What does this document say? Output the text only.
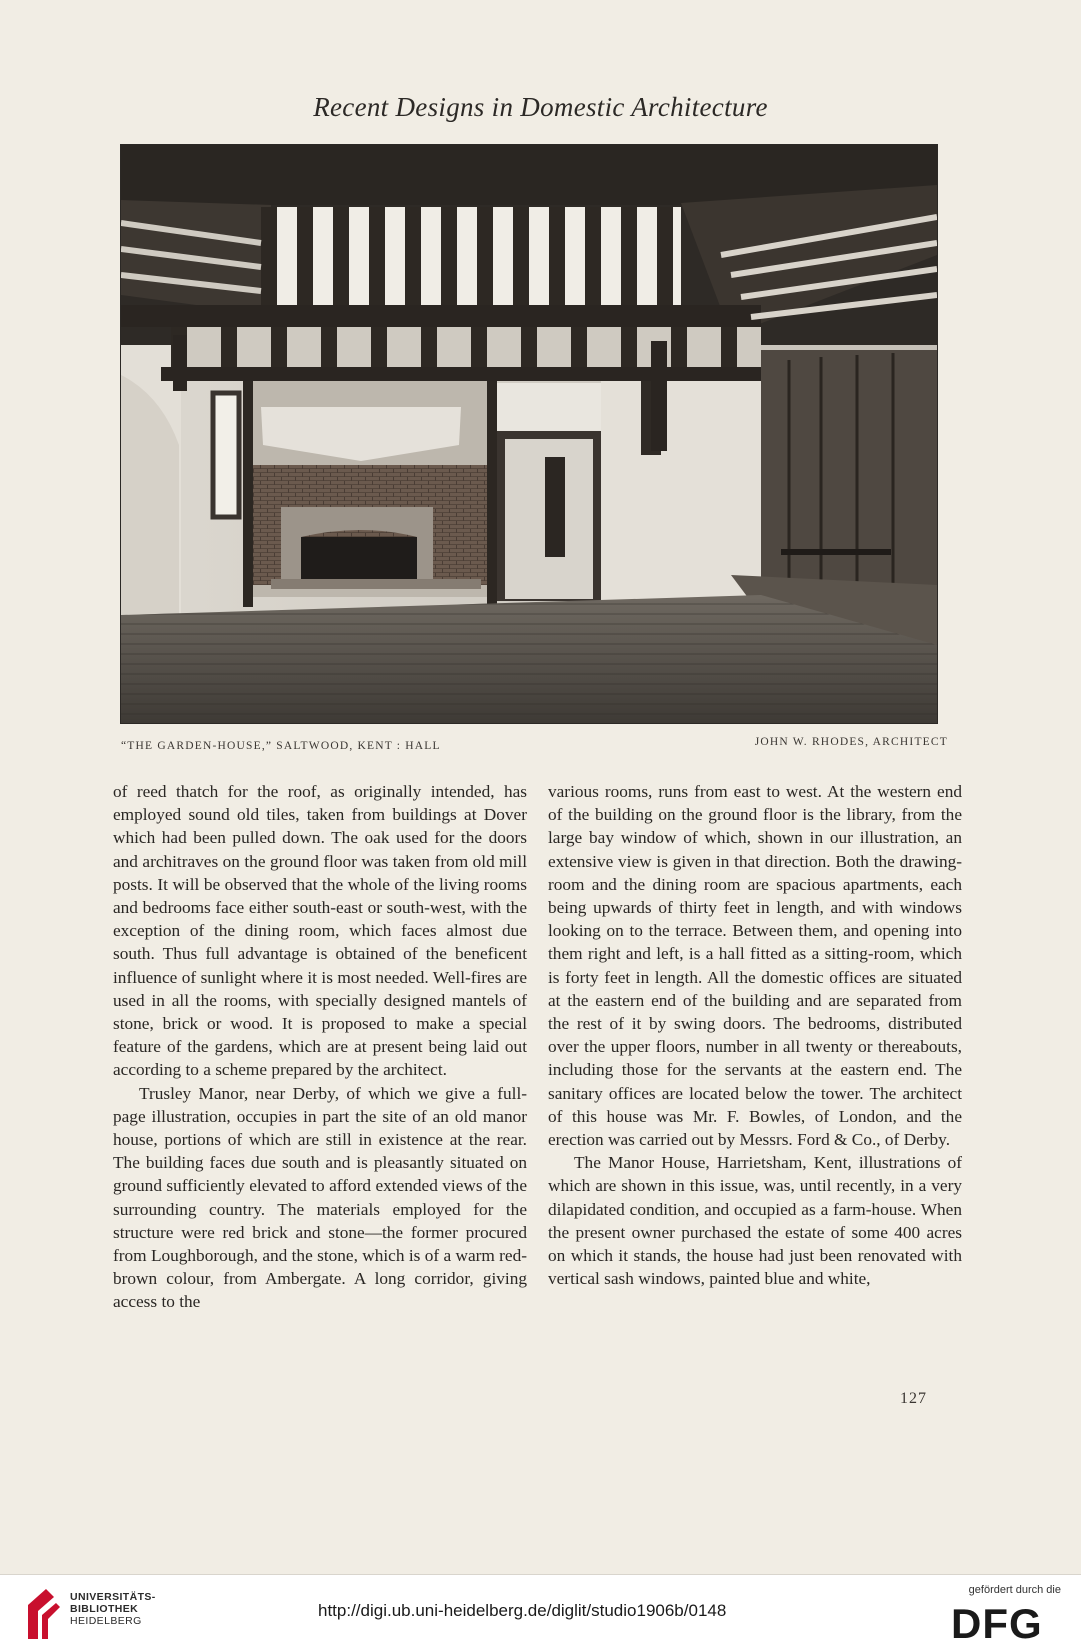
Recent Designs in Domestic Architecture
“THE GARDEN-HOUSE,” SALTWOOD, KENT : HALL	JOHN W. RHODES, ARCHITECT

of reed thatch for the roof, as originally intended, has employed sound old tiles, taken from buildings at Dover which had been pulled down. The oak used for the doors and architraves on the ground floor was taken from old mill posts. It will be observed that the whole of the living rooms and bedrooms face either south-east or south-west, with the exception of the dining room, which faces almost due south. Thus full advantage is obtained of the beneficent influence of sunlight where it is most needed. Well-fires are used in all the rooms, with specially designed mantels of stone, brick or wood. It is proposed to make a special feature of the gardens, which are at present being laid out according to a scheme prepared by the architect.

Trusley Manor, near Derby, of which we give a full-page illustration, occupies in part the site of an old manor house, portions of which are still in existence at the rear. The building faces due south and is pleasantly situated on ground sufficiently elevated to afford extended views of the surrounding country. The materials employed for the structure were red brick and stone—the former procured from Loughborough, and the stone, which is of a warm red-brown colour, from Ambergate. A long corridor, giving access to the

various rooms, runs from east to west. At the western end of the building on the ground floor is the library, from the large bay window of which, shown in our illustration, an extensive view is given in that direction. Both the drawing-room and the dining room are spacious apartments, each being upwards of thirty feet in length, and with windows looking on to the terrace. Between them, and opening into them right and left, is a hall fitted as a sitting-room, which is forty feet in length. All the domestic offices are situated at the eastern end of the building and are separated from the rest of it by swing doors. The bedrooms, distributed over the upper floors, number in all twenty or thereabouts, including those for the servants at the eastern end. The sanitary offices are located below the tower. The architect of this house was Mr. F. Bowles, of London, and the erection was carried out by Messrs. Ford & Co., of Derby.

The Manor House, Harrietsham, Kent, illustrations of which are shown in this issue, was, until recently, in a very dilapidated condition, and occupied as a farm-house. When the present owner purchased the estate of some 400 acres on which it stands, the house had just been renovated with vertical sash windows, painted blue and white,

127
UNIVERSITÄTS-
BIBLIOTHEK
HEIDELBERG
http://digi.ub.uni-heidelberg.de/diglit/studio1906b/0148
gefördert durch die
DFG
